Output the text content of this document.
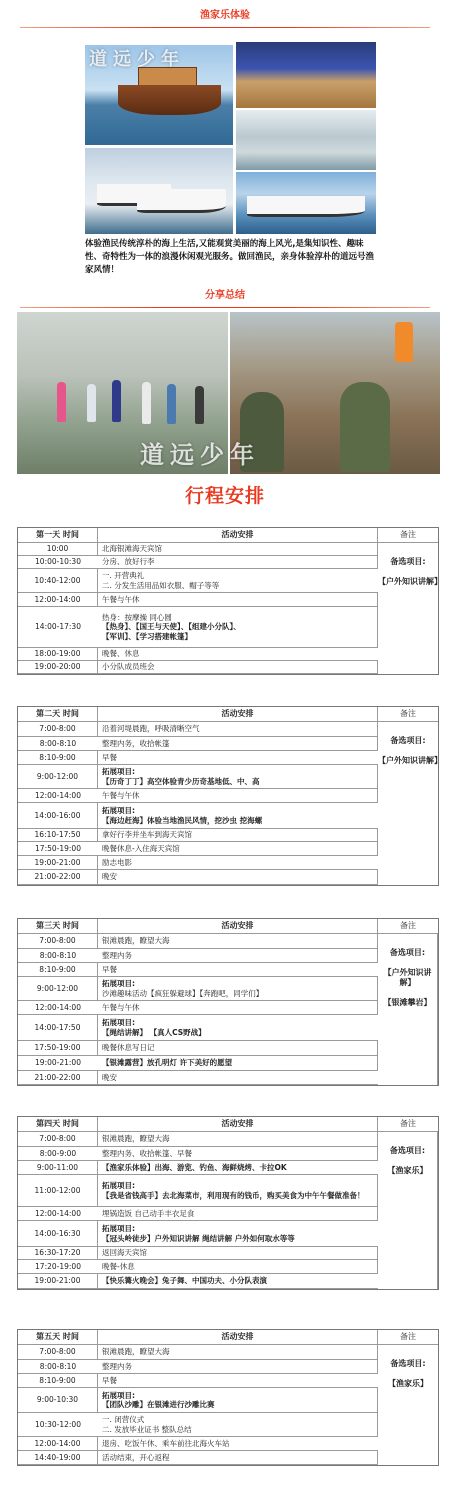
渔家乐体验
道远少年
体验渔民传统淳朴的海上生活,又能观赏美丽的海上风光,是集知识性、趣味性、奇特性为一体的浪漫休闲观光服务。做回渔民，亲身体验淳朴的道远号渔家风情！
分享总结
道远少年
行程安排
第一天 时间	活动安排	备注
10:00	北海银滩海天宾馆
10:00-10:30	分房、放好行李
10:40-12:00
一. 开营典礼
二. 分发生活用品如衣服、帽子等等
12:00-14:00	午餐与午休
14:00-17:30
热身：按摩操 同心圆
【热身】、【国王与天使】、【组建小分队】、
【军训】、【学习搭建帐篷】
18:00-19:00	晚餐、休息
19:00-20:00	小分队成员班会
备选项目:
【户外知识讲解】
第二天 时间	活动安排	备注
7:00-8:00	沿着河堤晨跑，呼吸清晰空气
8:00-8:10	整理内务，收拾帐篷
8:10-9:00	早餐
9:00-12:00
拓展项目:
【历奇丁丁】高空体验青少历奇基地低、中、高
12:00-14:00	午餐与午休
14:00-16:00
拓展项目:
【海边赶海】体验当地渔民风情，挖沙虫 挖海螺
16:10-17:50	拿好行李并坐车到海天宾馆
17:50-19:00	晚餐休息-入住海天宾馆
19:00-21:00	励志电影
21:00-22:00	晚安
备选项目:
【户外知识讲解】
第三天 时间	活动安排	备注
7:00-8:00	银滩晨跑，瞭望大海
8:00-8:10	整理内务
8:10-9:00	早餐
9:00-12:00
拓展项目:
沙滩趣味活动【疯狂躲避球】【奔跑吧，同学们】
12:00-14:00	午餐与午休
14:00-17:50
拓展项目:
【绳结讲解】 【真人CS野战】
17:50-19:00	晚餐休息写日记
19:00-21:00	【银滩露营】放孔明灯 许下美好的愿望
21:00-22:00	晚安
备选项目:
【户外知识讲解】
【银滩攀岩】
第四天 时间	活动安排	备注
7:00-8:00	银滩晨跑，瞭望大海
8:00-9:00	整理内务、收拾帐篷、早餐
9:00-11:00	【渔家乐体验】出海、游览、钓鱼、海鲜烧烤、卡拉OK
11:00-12:00
拓展项目:
【我是省钱高手】去北海菜市，利用现有的钱币，购买美食为中午午餐做准备！
12:00-14:00	埋锅造饭 自己动手丰衣足食
14:00-16:30
拓展项目:
【冠头岭徒步】户外知识讲解 绳结讲解 户外如何取水等等
16:30-17:20	返回海天宾馆
17:20-19:00	晚餐-休息
19:00-21:00	【快乐篝火晚会】兔子舞、中国功夫、小分队表演
备选项目:
【渔家乐】
第五天 时间	活动安排	备注
7:00-8:00	银滩晨跑，瞭望大海
8:00-8:10	整理内务
8:10-9:00	早餐
9:00-10:30
拓展项目:
【团队沙雕】在银滩进行沙雕比赛
10:30-12:00
一. 闭营仪式
二. 发放毕业证书 整队总结
12:00-14:00	退房、吃饭午休、乘车前往北海火车站
14:40-19:00	活动结束，开心返程
备选项目:
【渔家乐】
